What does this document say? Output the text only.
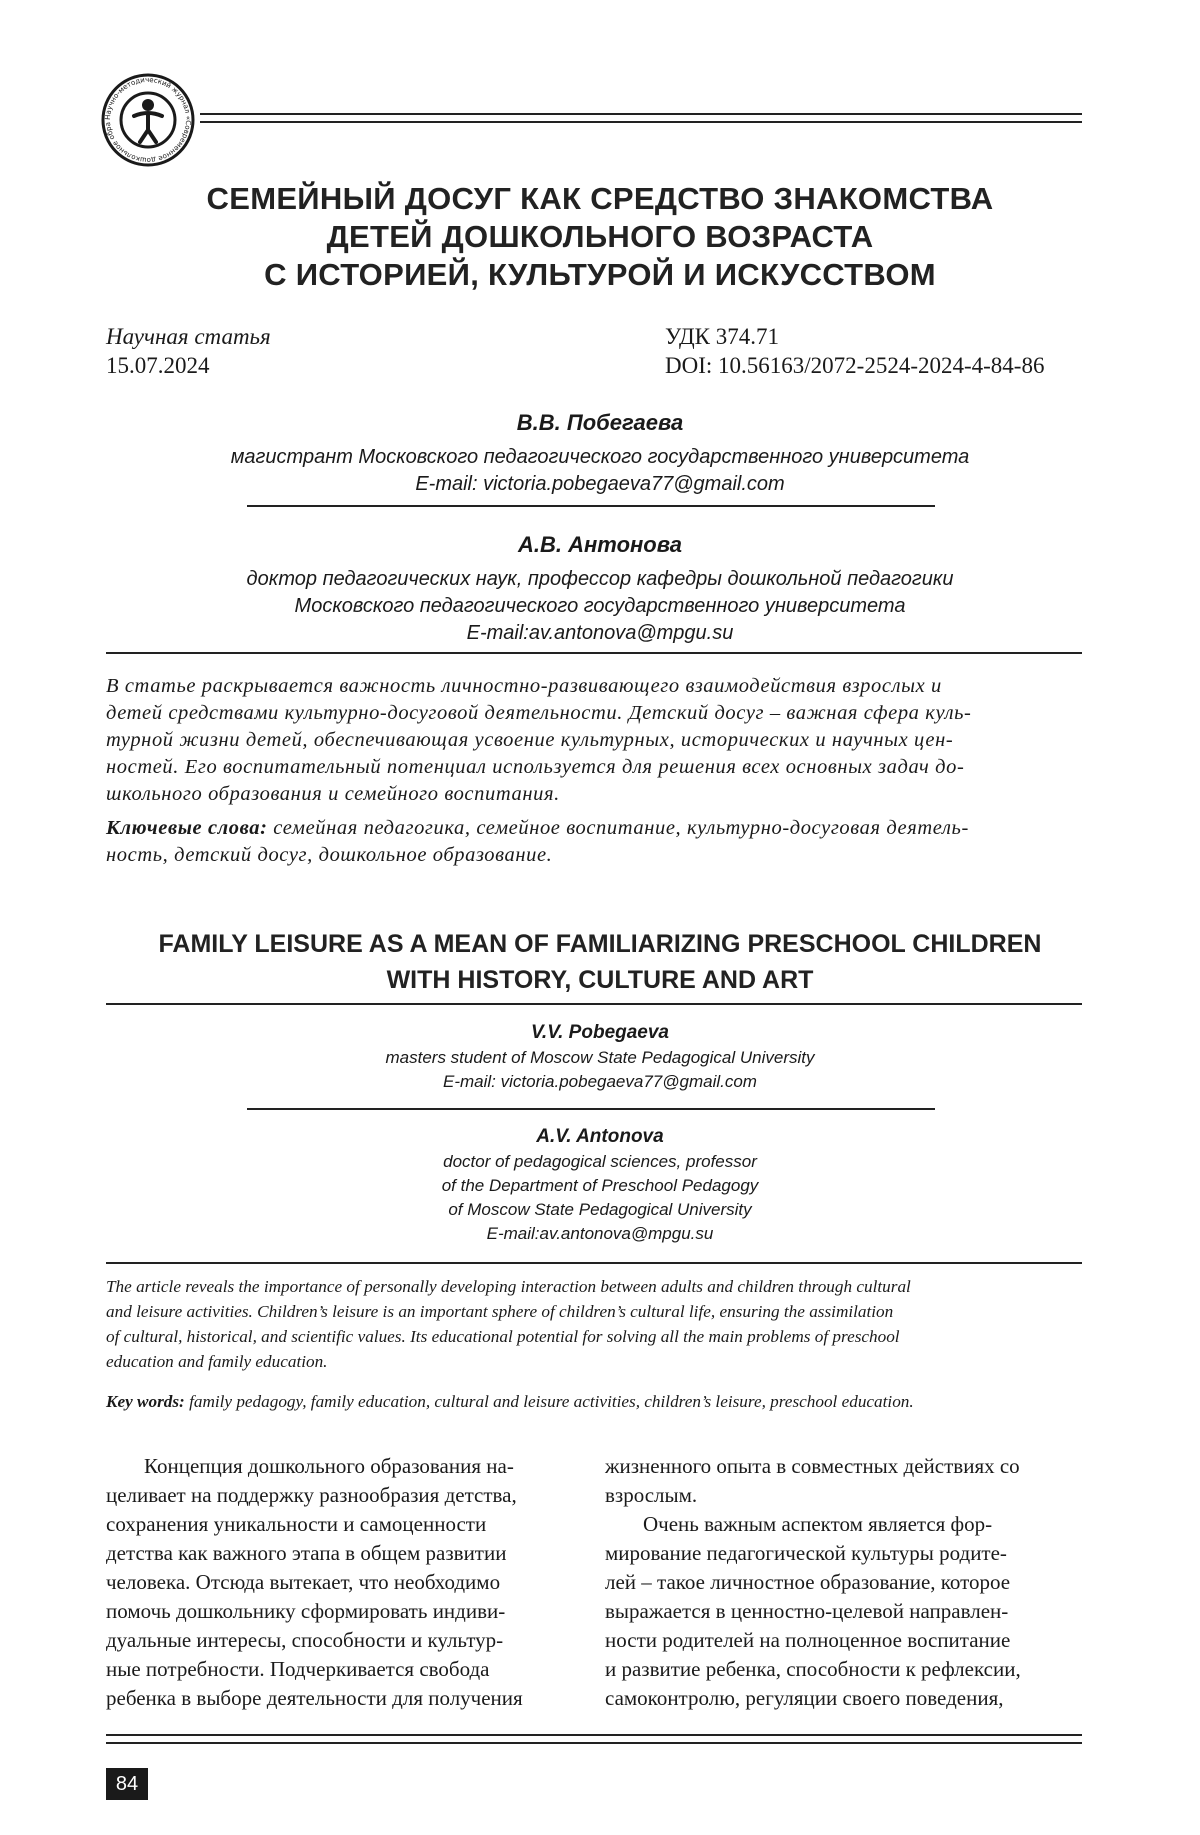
Научно-методический журнал «Современное дошкольное обра
СЕМЕЙНЫЙ ДОСУГ КАК СРЕДСТВО ЗНАКОМСТВА
ДЕТЕЙ ДОШКОЛЬНОГО ВОЗРАСТА
С ИСТОРИЕЙ, КУЛЬТУРОЙ И ИСКУССТВОМ
Научная статья
15.07.2024
УДК 374.71
DOI: 10.56163/2072-2524-2024-4-84-86
В.В. Побегаева
магистрант Московского педагогического государственного университета
E-mail: victoria.pobegaeva77@gmail.com
А.В. Антонова
доктор педагогических наук, профессор кафедры дошкольной педагогики
Московского педагогического государственного университета
E-mail:av.antonova@mpgu.su
В статье раскрывается важность личностно-развивающего взаимодействия взрослых и
детей средствами культурно-досуговой деятельности. Детский досуг – важная сфера куль-
турной жизни детей, обеспечивающая усвоение культурных, исторических и научных цен-
ностей. Его воспитательный потенциал используется для решения всех основных задач до-
школьного образования и семейного воспитания.
Ключевые слова: семейная педагогика, семейное воспитание, культурно-досуговая деятель-
ность, детский досуг, дошкольное образование.
FAMILY LEISURE AS A MEAN OF FAMILIARIZING PRESCHOOL CHILDREN
WITH HISTORY, CULTURE AND ART
V.V. Pobegaeva
masters student of Moscow State Pedagogical University
E-mail: victoria.pobegaeva77@gmail.com
A.V. Antonova
doctor of pedagogical sciences, professor
of the Department of Preschool Pedagogy
of Moscow State Pedagogical University
E-mail:av.antonova@mpgu.su
The article reveals the importance of personally developing interaction between adults and children through cultural
and leisure activities. Children’s leisure is an important sphere of children’s cultural life, ensuring the assimilation
of cultural, historical, and scientific values. Its educational potential for solving all the main problems of preschool
education and family education.
Key words: family pedagogy, family education, cultural and leisure activities, children’s leisure, preschool education.
Концепция дошкольного образования на-
целивает на поддержку разнообразия детства,
сохранения уникальности и самоценности
детства как важного этапа в общем развитии
человека. Отсюда вытекает, что необходимо
помочь дошкольнику сформировать индиви-
дуальные интересы, способности и культур-
ные потребности. Подчеркивается свобода
ребенка в выборе деятельности для получения
жизненного опыта в совместных действиях со
взрослым.
Очень важным аспектом является фор-
мирование педагогической культуры родите-
лей – такое личностное образование, которое
выражается в ценностно-целевой направлен-
ности родителей на полноценное воспитание
и развитие ребенка, способности к рефлексии,
самоконтролю, регуляции своего поведения,
84
